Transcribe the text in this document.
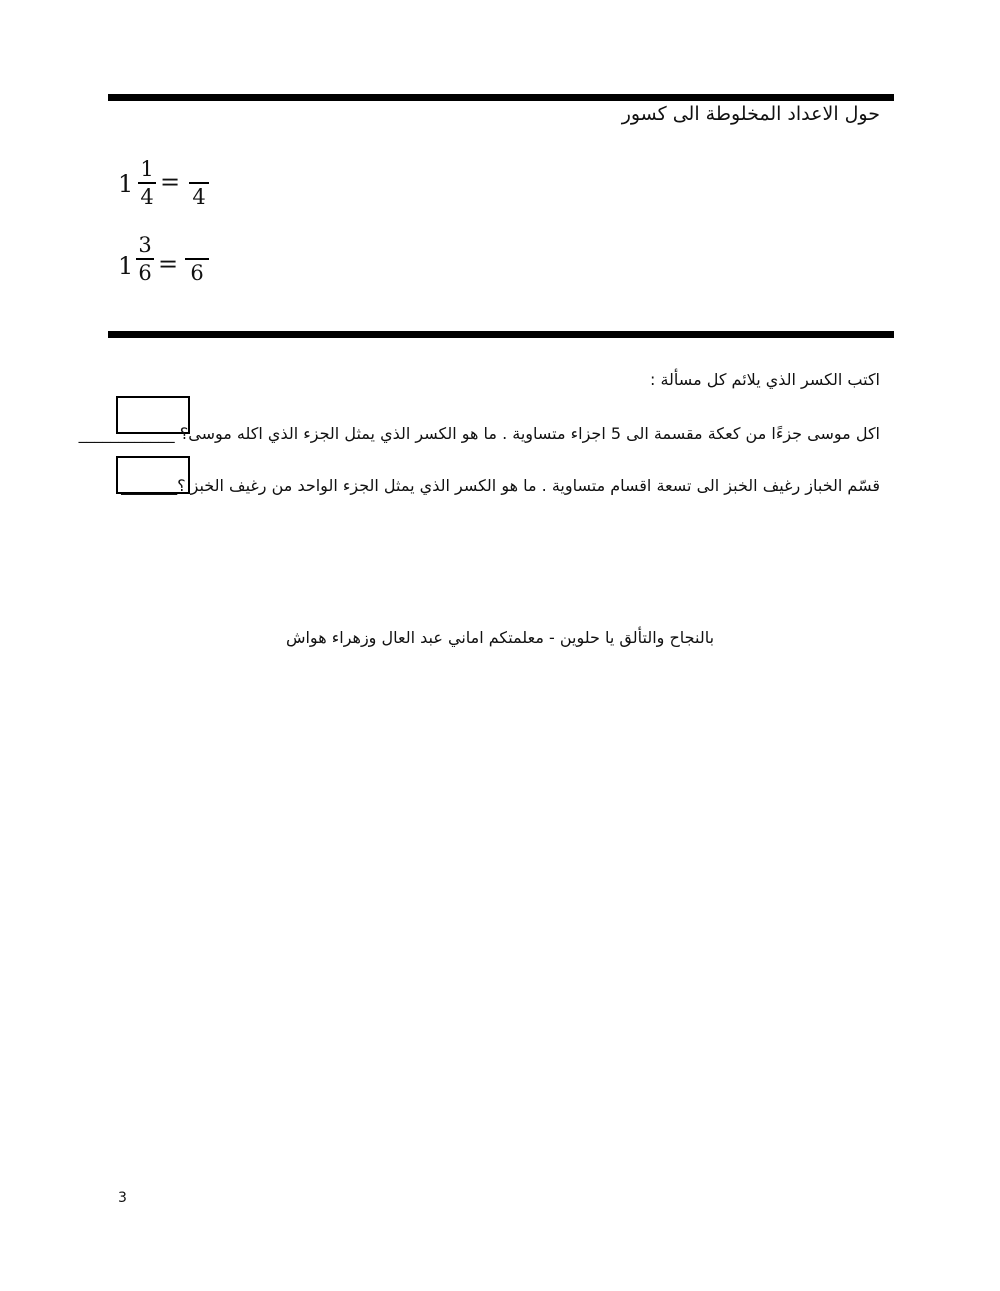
حول الاعداد المخلوطة الى كسور
1
1
4
=
4
1
3
6 = 6
اكتب الكسر الذي يلائم كل مسألة :
اكل موسى جزءًا من كعكة مقسمة الى 5 اجزاء متساوية . ما هو الكسر الذي يمثل الجزء الذي اكله موسى؟ ____________
قسّم الخباز رغيف الخبز الى تسعة اقسام متساوية . ما هو الكسر الذي يمثل الجزء الواحد من رغيف الخبز ؟_______
بالنجاح والتألق يا حلوين - معلمتكم اماني عبد العال وزهراء هواش
3
